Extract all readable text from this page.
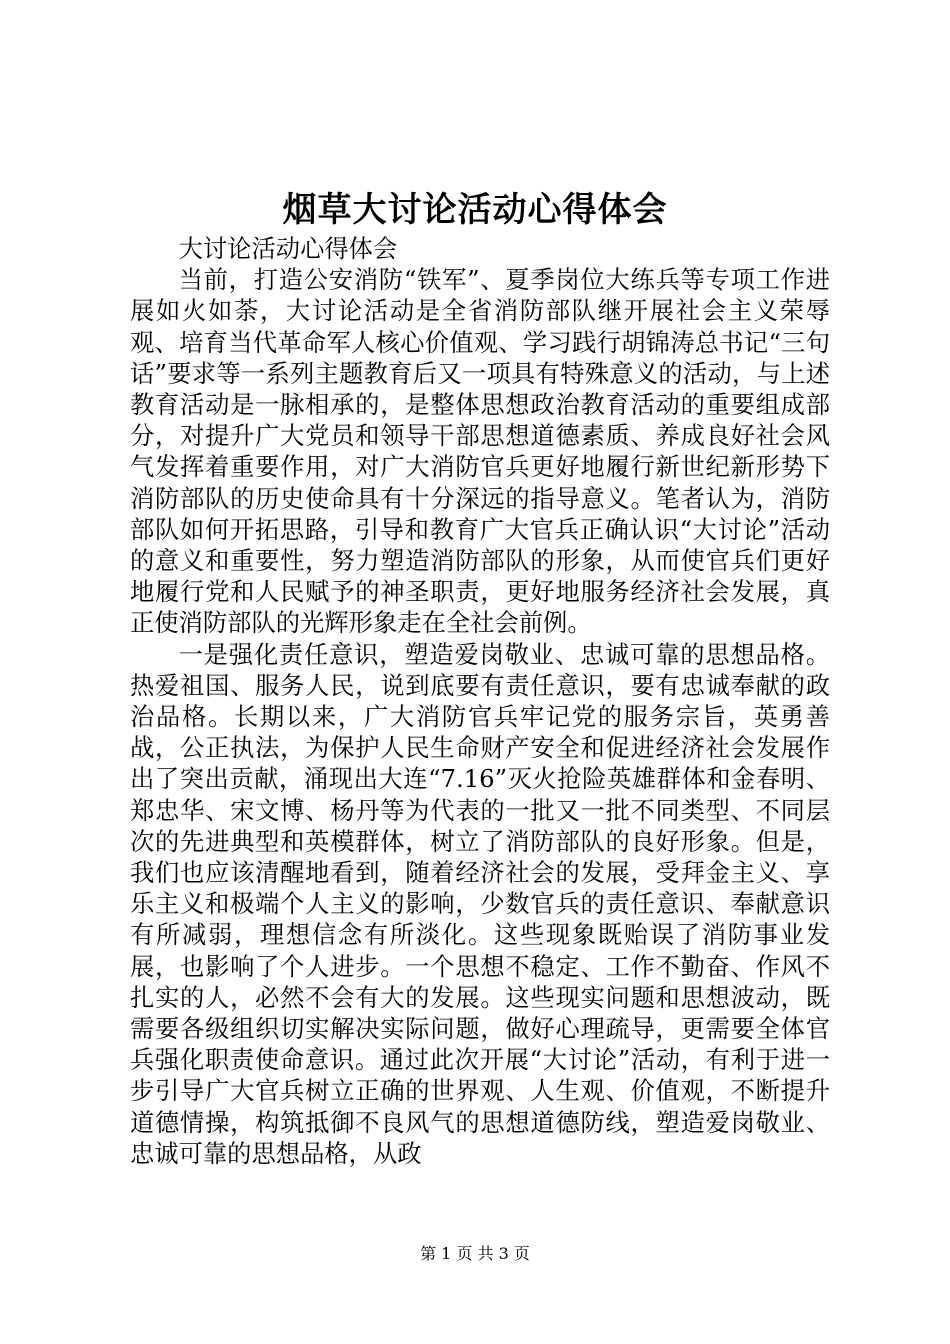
烟草大讨论活动心得体会

大讨论活动心得体会

当前，打造公安消防“铁军”、夏季岗位大练兵等专项工作进展如火如荼，大讨论活动是全省消防部队继开展社会主义荣辱观、培育当代革命军人核心价值观、学习践行胡锦涛总书记“三句话”要求等一系列主题教育后又一项具有特殊意义的活动，与上述教育活动是一脉相承的，是整体思想政治教育活动的重要组成部分，对提升广大党员和领导干部思想道德素质、养成良好社会风气发挥着重要作用，对广大消防官兵更好地履行新世纪新形势下消防部队的历史使命具有十分深远的指导意义。笔者认为，消防部队如何开拓思路，引导和教育广大官兵正确认识“大讨论”活动的意义和重要性，努力塑造消防部队的形象，从而使官兵们更好地履行党和人民赋予的神圣职责，更好地服务经济社会发展，真正使消防部队的光辉形象走在全社会前例。

一是强化责任意识，塑造爱岗敬业、忠诚可靠的思想品格。热爱祖国、服务人民，说到底要有责任意识，要有忠诚奉献的政治品格。长期以来，广大消防官兵牢记党的服务宗旨，英勇善战，公正执法，为保护人民生命财产安全和促进经济社会发展作出了突出贡献，涌现出大连“7.16”灭火抢险英雄群体和金春明、郑忠华、宋文博、杨丹等为代表的一批又一批不同类型、不同层次的先进典型和英模群体，树立了消防部队的良好形象。但是，我们也应该清醒地看到，随着经济社会的发展，受拜金主义、享乐主义和极端个人主义的影响，少数官兵的责任意识、奉献意识有所减弱，理想信念有所淡化。这些现象既贻误了消防事业发展，也影响了个人进步。一个思想不稳定、工作不勤奋、作风不扎实的人，必然不会有大的发展。这些现实问题和思想波动，既需要各级组织切实解决实际问题，做好心理疏导，更需要全体官兵强化职责使命意识。通过此次开展“大讨论”活动，有利于进一步引导广大官兵树立正确的世界观、人生观、价值观，不断提升道德情操，构筑抵御不良风气的思想道德防线，塑造爱岗敬业、忠诚可靠的思想品格，从政

第 1 页 共 3 页
